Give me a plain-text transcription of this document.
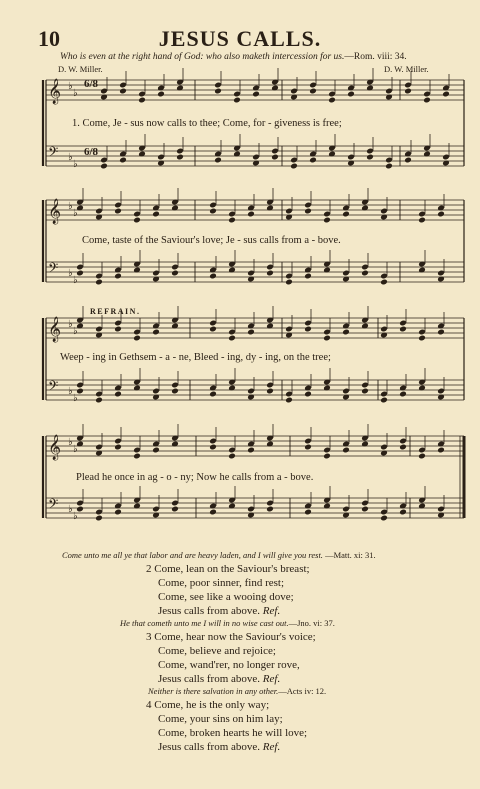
10	JESUS CALLS.
Who is even at the right hand of God: who also maketh intercession for us.—Rom. viii: 34.
D. W. Miller.	D. W. Miller.
𝄞 ♭
♭
𝄢 ♭
♭
𝄞 ♭
♭
𝄢 ♭
♭
𝄞 ♭
♭
𝄢 ♭
♭
𝄞 ♭
♭
𝄢 ♭
♭
6/8
6/8
1. Come, Je - sus now calls to thee; Come, for - giveness is free;
Come, taste of the Saviour's love; Je - sus calls from a - bove.
REFRAIN.
Weep - ing in Gethsem - a - ne, Bleed - ing, dy - ing, on the tree;
Plead he once in ag - o - ny; Now he calls from a - bove.
Come unto me all ye that labor and are heavy laden, and I will give you rest. —Matt. xi: 31.
2 Come, lean on the Saviour's breast;
Come, poor sinner, find rest;
Come, see like a wooing dove;
Jesus calls from above. Ref.
He that cometh unto me I will in no wise cast out.—Jno. vi: 37.
3 Come, hear now the Saviour's voice;
Come, believe and rejoice;
Come, wand'rer, no longer rove,
Jesus calls from above. Ref.
Neither is there salvation in any other.—Acts iv: 12.
4 Come, he is the only way;
Come, your sins on him lay;
Come, broken hearts he will love;
Jesus calls from above. Ref.
